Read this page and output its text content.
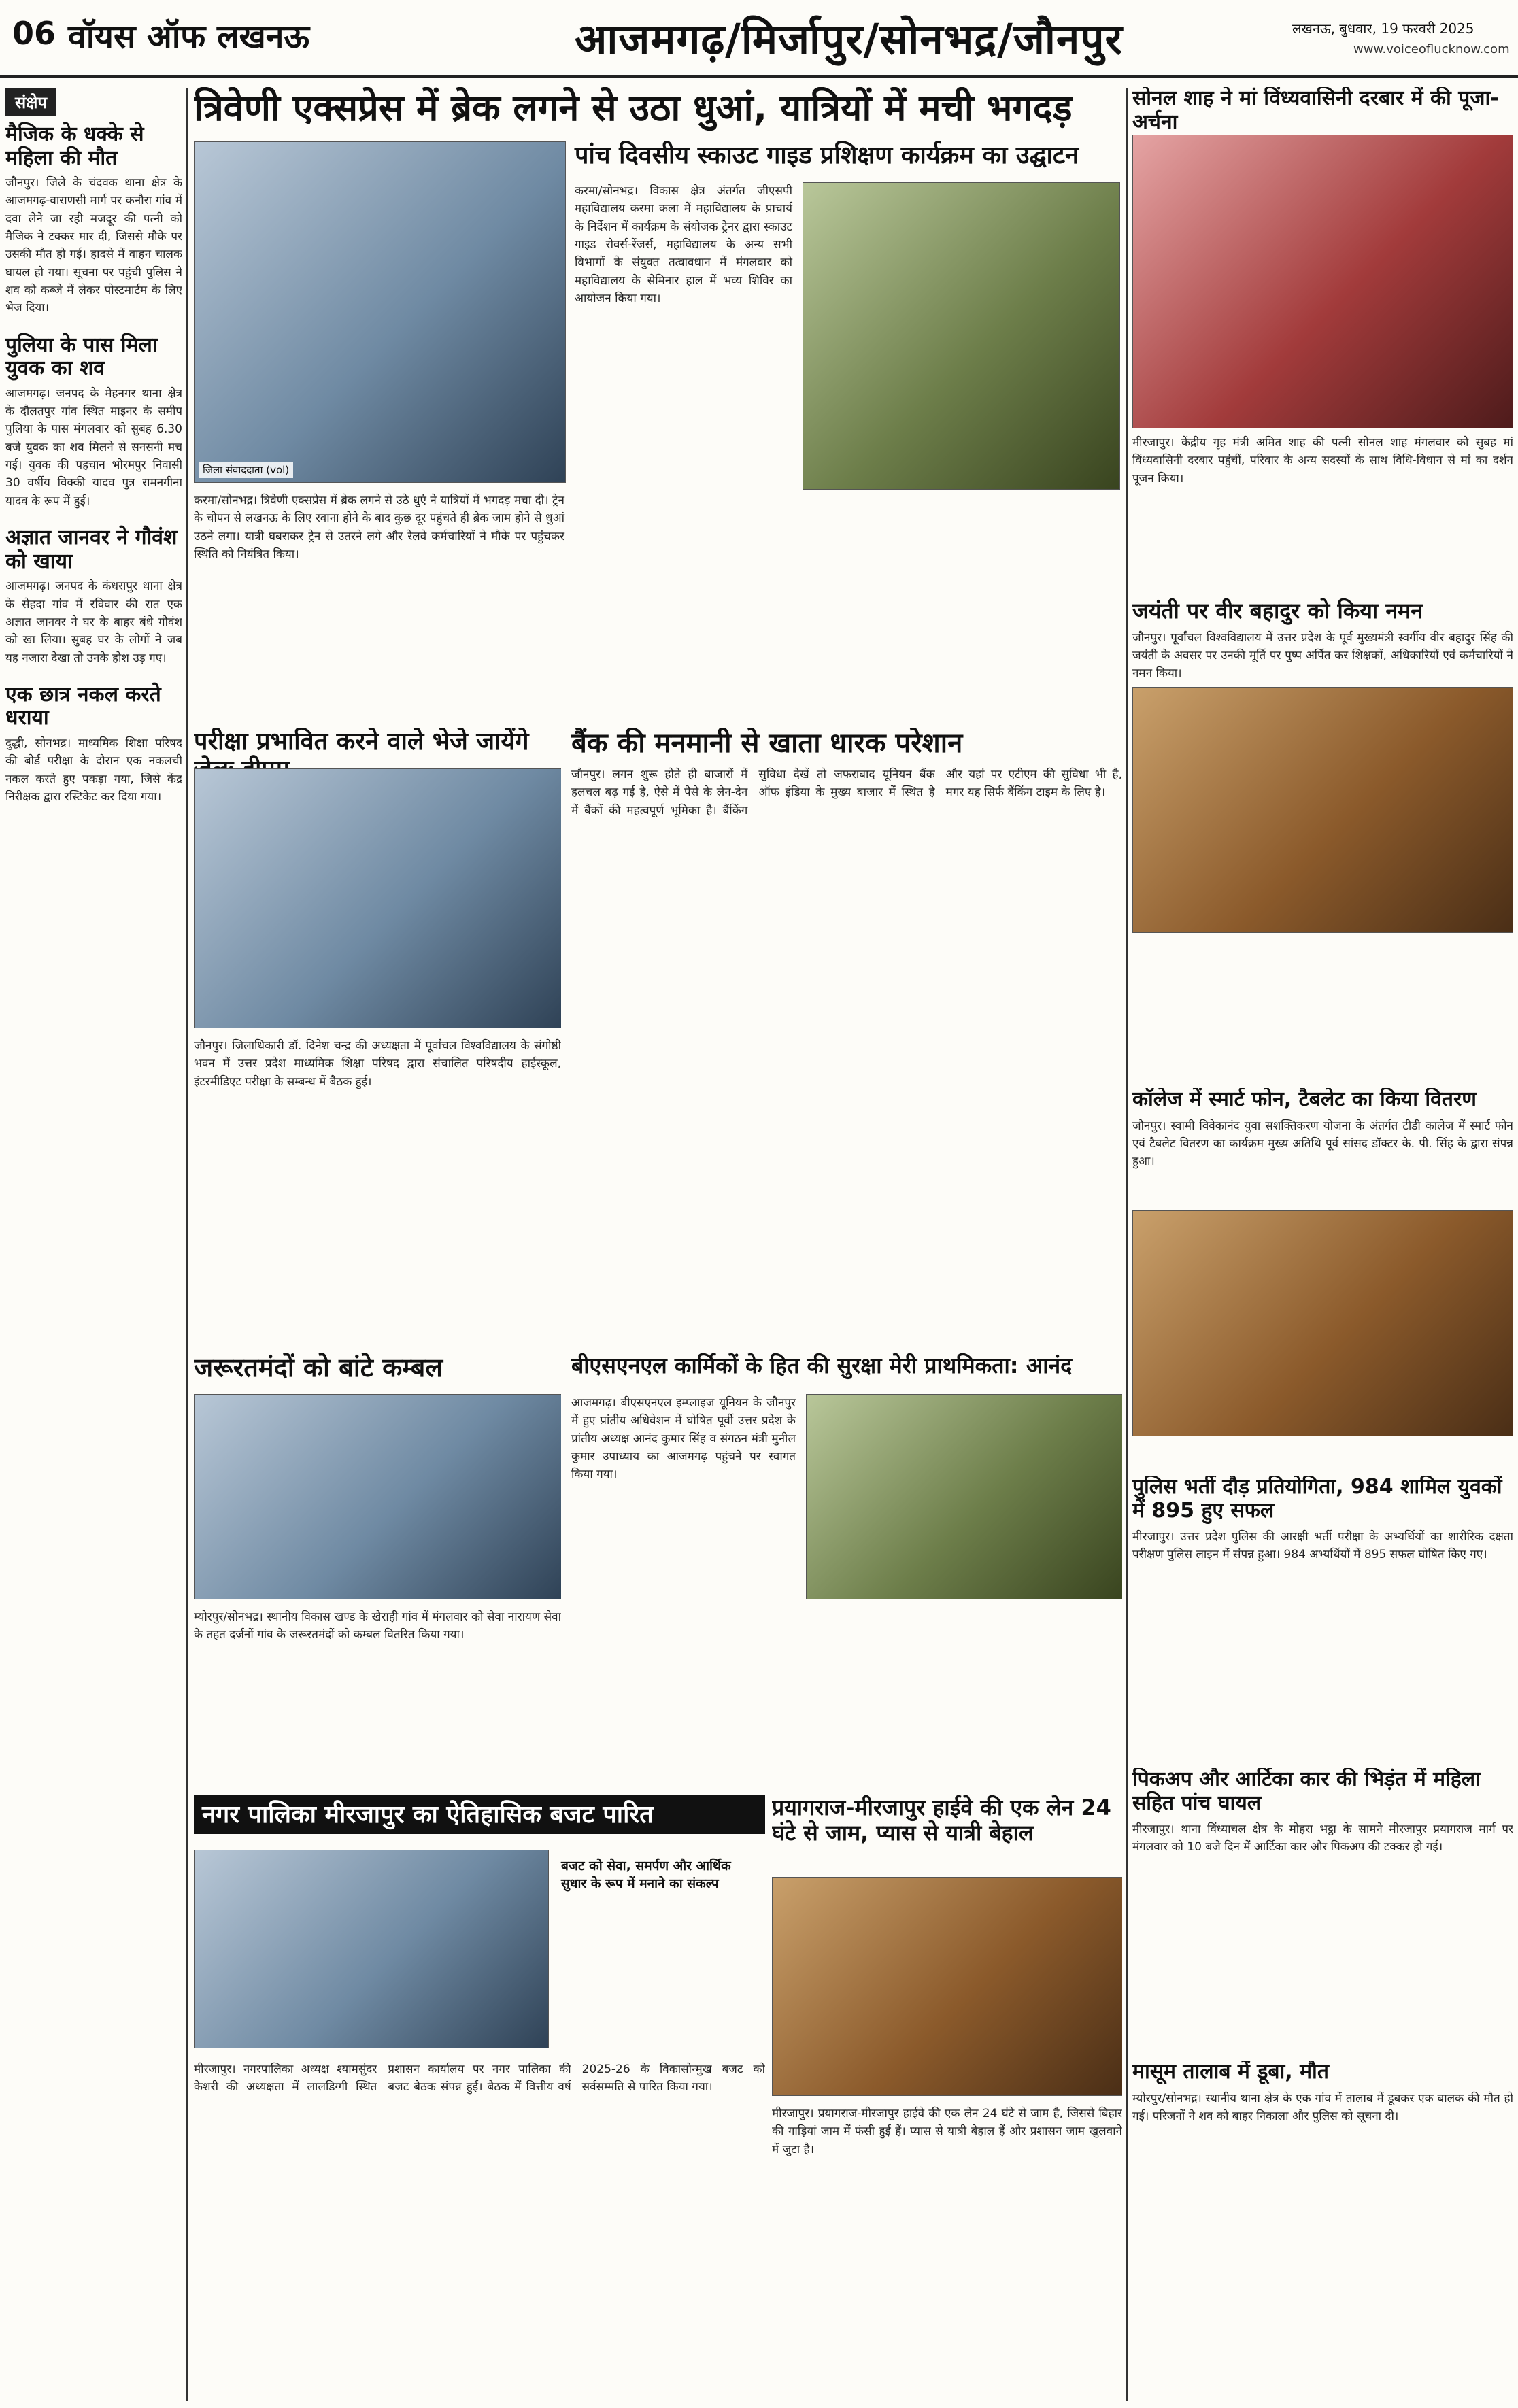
06 वॉयस ऑफ लखनऊ	आजमगढ़/मिर्जापुर/सोनभद्र/जौनपुर	लखनऊ, बुधवार, 19 फरवरी 2025
www.voiceoflucknow.com
संक्षेप
मैजिक के धक्के से महिला की मौत
जौनपुर। जिले के चंदवक थाना क्षेत्र के आजमगढ़-वाराणसी मार्ग पर कनौरा गांव में दवा लेने जा रही मजदूर की पत्नी को मैजिक ने टक्कर मार दी, जिससे मौके पर उसकी मौत हो गई। हादसे में वाहन चालक घायल हो गया। सूचना पर पहुंची पुलिस ने शव को कब्जे में लेकर पोस्टमार्टम के लिए भेज दिया।
पुलिया के पास मिला युवक का शव
आजमगढ़। जनपद के मेहनगर थाना क्षेत्र के दौलतपुर गांव स्थित माइनर के समीप पुलिया के पास मंगलवार को सुबह 6.30 बजे युवक का शव मिलने से सनसनी मच गई। युवक की पहचान भोरमपुर निवासी 30 वर्षीय विक्की यादव पुत्र रामनगीना यादव के रूप में हुई।
अज्ञात जानवर ने गौवंश को खाया
आजमगढ़। जनपद के कंधरापुर थाना क्षेत्र के सेहदा गांव में रविवार की रात एक अज्ञात जानवर ने घर के बाहर बंधे गौवंश को खा लिया। सुबह घर के लोगों ने जब यह नजारा देखा तो उनके होश उड़ गए।
एक छात्र नकल करते धराया
दुद्धी, सोनभद्र। माध्यमिक शिक्षा परिषद की बोर्ड परीक्षा के दौरान एक नकलची नकल करते हुए पकड़ा गया, जिसे केंद्र निरीक्षक द्वारा रस्टिकेट कर दिया गया।
त्रिवेणी एक्सप्रेस में ब्रेक लगने से उठा धुआं, यात्रियों में मची भगदड़
जिला संवाददाता (vol)
करमा/सोनभद्र। त्रिवेणी एक्सप्रेस में ब्रेक लगने से उठे धुएं ने यात्रियों में भगदड़ मचा दी। ट्रेन के चोपन से लखनऊ के लिए रवाना होने के बाद कुछ दूर पहुंचते ही ब्रेक जाम होने से धुआं उठने लगा। यात्री घबराकर ट्रेन से उतरने लगे और रेलवे कर्मचारियों ने मौके पर पहुंचकर स्थिति को नियंत्रित किया।
पांच दिवसीय स्काउट गाइड प्रशिक्षण कार्यक्रम का उद्घाटन
करमा/सोनभद्र। विकास क्षेत्र अंतर्गत जीएसपी महाविद्यालय करमा कला में महाविद्यालय के प्राचार्य के निर्देशन में कार्यक्रम के संयोजक ट्रेनर द्वारा स्काउट गाइड रोवर्स-रेंजर्स, महाविद्यालय के अन्य सभी विभागों के संयुक्त तत्वावधान में मंगलवार को महाविद्यालय के सेमिनार हाल में भव्य शिविर का आयोजन किया गया।
सोनल शाह ने मां विंध्यवासिनी दरबार में की पूजा-अर्चना
मीरजापुर। केंद्रीय गृह मंत्री अमित शाह की पत्नी सोनल शाह मंगलवार को सुबह मां विंध्यवासिनी दरबार पहुंचीं, परिवार के अन्य सदस्यों के साथ विधि-विधान से मां का दर्शन पूजन किया।
जयंती पर वीर बहादुर को किया नमन
जौनपुर। पूर्वांचल विश्वविद्यालय में उत्तर प्रदेश के पूर्व मुख्यमंत्री स्वर्गीय वीर बहादुर सिंह की जयंती के अवसर पर उनकी मूर्ति पर पुष्प अर्पित कर शिक्षकों, अधिकारियों एवं कर्मचारियों ने नमन किया।
परीक्षा प्रभावित करने वाले भेजे जायेंगे
जौनपुर। जिलाधिकारी डॉ. दिनेश चन्द्र की अध्यक्षता में पूर्वांचल विश्वविद्यालय के संगोष्ठी भवन में उत्तर प्रदेश माध्यमिक शिक्षा परिषद द्वारा संचालित परिषदीय हाईस्कूल, इंटरमीडिएट परीक्षा के सम्बन्ध में बैठक हुई।
बैंक की मनमानी से खाता धारक परेशान
जौनपुर। लगन शुरू होते ही बाजारों में हलचल बढ़ गई है, ऐसे में पैसे के लेन-देन में बैंकों की महत्वपूर्ण भूमिका है। बैंकिंग सुविधा देखें तो जफराबाद यूनियन बैंक ऑफ इंडिया के मुख्य बाजार में स्थित है और यहां पर एटीएम की सुविधा भी है, मगर यह सिर्फ बैंकिंग टाइम के लिए है।
कॉलेज में स्मार्ट फोन, टैबलेट का किया वितरण
जौनपुर। स्वामी विवेकानंद युवा सशक्तिकरण योजना के अंतर्गत टीडी कालेज में स्मार्ट फोन एवं टैबलेट वितरण का कार्यक्रम मुख्य अतिथि पूर्व सांसद डॉक्टर के. पी. सिंह के द्वारा संपन्न हुआ।
जरूरतमंदों को बांटे कम्बल
म्योरपुर/सोनभद्र। स्थानीय विकास खण्ड के खैराही गांव में मंगलवार को सेवा नारायण सेवा के तहत दर्जनों गांव के जरूरतमंदों को कम्बल वितरित किया गया।
बीएसएनएल कार्मिकों के हित की सुरक्षा मेरी प्राथमिकता: आनंद
आजमगढ़। बीएसएनएल इम्प्लाइज यूनियन के जौनपुर में हुए प्रांतीय अधिवेशन में घोषित पूर्वी उत्तर प्रदेश के प्रांतीय अध्यक्ष आनंद कुमार सिंह व संगठन मंत्री मुनील कुमार उपाध्याय का आजमगढ़ पहुंचने पर स्वागत किया गया।
पुलिस भर्ती दौड़ प्रतियोगिता, 984 शामिल युवकों में 895 हुए सफल
मीरजापुर। उत्तर प्रदेश पुलिस की आरक्षी भर्ती परीक्षा के अभ्यर्थियों का शारीरिक दक्षता परीक्षण पुलिस लाइन में संपन्न हुआ। 984 अभ्यर्थियों में 895 सफल घोषित किए गए।
नगर पालिका मीरजापुर का ऐतिहासिक बजट पारित
बजट को सेवा, समर्पण और आर्थिक सुधार के रूप में मनाने का संकल्प
मीरजापुर। नगरपालिका अध्यक्ष श्यामसुंदर केशरी की अध्यक्षता में लालडिग्गी स्थित प्रशासन कार्यालय पर नगर पालिका की बजट बैठक संपन्न हुई। बैठक में वित्तीय वर्ष 2025-26 के विकासोन्मुख बजट को सर्वसम्मति से पारित किया गया।
प्रयागराज-मीरजापुर हाईवे की एक लेन 24 घंटे से जाम, प्यास से यात्री बेहाल
मीरजापुर। प्रयागराज-मीरजापुर हाईवे की एक लेन 24 घंटे से जाम है, जिससे बिहार की गाड़ियां जाम में फंसी हुई हैं। प्यास से यात्री बेहाल हैं और प्रशासन जाम खुलवाने में जुटा है।
पिकअप और आर्टिका कार की भिड़ंत में महिला सहित पांच घायल
मीरजापुर। थाना विंध्याचल क्षेत्र के मोहरा भट्ठा के सामने मीरजापुर प्रयागराज मार्ग पर मंगलवार को 10 बजे दिन में आर्टिका कार और पिकअप की टक्कर हो गई।
मासूम तालाब में डूबा, मौत
म्योरपुर/सोनभद्र। स्थानीय थाना क्षेत्र के एक गांव में तालाब में डूबकर एक बालक की मौत हो गई। परिजनों ने शव को बाहर निकाला और पुलिस को सूचना दी।
